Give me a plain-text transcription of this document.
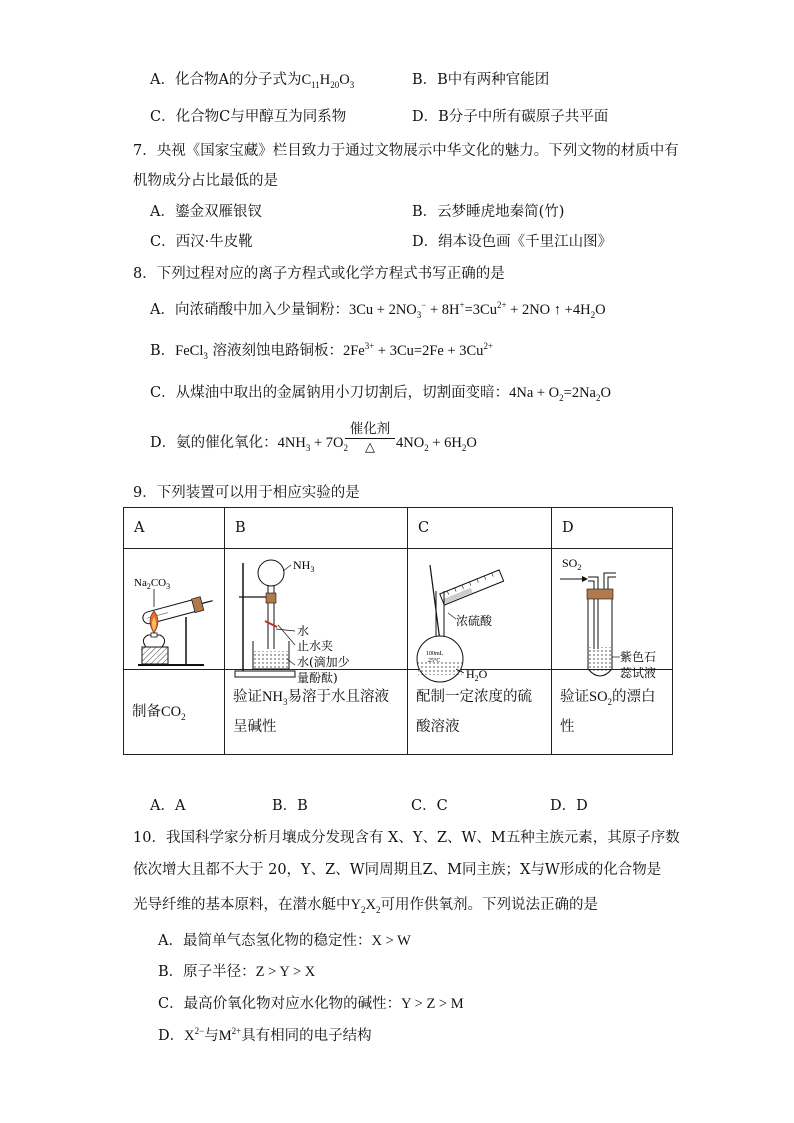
A．化合物A的分子式为$C_{11}H_{20}O_3$	B．B中有两种官能团
C．化合物C与甲醇互为同系物	D．B分子中所有碳原子共平面
7．央视《国家宝藏》栏目致力于通过文物展示中华文化的魅力。下列文物的材质中有
机物成分占比最低的是
A．鎏金双雁银钗	B．云梦睡虎地秦简(竹)
C．西汉·牛皮靴	D．绢本设色画《千里江山图》
8．下列过程对应的离子方程式或化学方程式书写正确的是
A．向浓硝酸中加入少量铜粉：$3Cu + 2NO_3^- + 8H^+=3Cu^{2+} + 2NO$ ↑ $+4H_2O$
B．FeCl$_3$ 溶液刻蚀电路铜板：$2Fe^{3+} + 3Cu=2Fe + 3Cu^{2+}$
C．从煤油中取出的金属钠用小刀切割后，切割面变暗：$4Na + O_2=2Na_2O$
D．氨的催化氧化：$4NH_3 + 7O_2$
催化剂
△	$4NO_2 + 6H_2O$
9．下列装置可以用于相应实验的是
A	B	C	D

$Na_2CO_3$	$NH_3$
水
止水夹
水(滴加少
量酚酞)	100mL
25°C
浓硫酸
$H_2O$	$SO_2$
紫色石
蕊试液

制备$CO_2$	验证$NH_3$易溶于水且溶液呈碱性	配制一定浓度的硫酸溶液	验证$SO_2$的漂白性
A．A	B．B	C．C	D．D
10．我国科学家分析月壤成分发现含有 X、Y、Z、W、M五种主族元素，其原子序数
依次增大且都不大于 20，Y、Z、W同周期且Z、M同主族；X与W形成的化合物是
光导纤维的基本原料，在潜水艇中$Y_2X_2$可用作供氧剂。下列说法正确的是
A．最简单气态氢化物的稳定性：X > W
B．原子半径：Z > Y > X
C．最高价氧化物对应水化物的碱性：Y > Z > M
D．$X^{2-}$与$M^{2+}$具有相同的电子结构
